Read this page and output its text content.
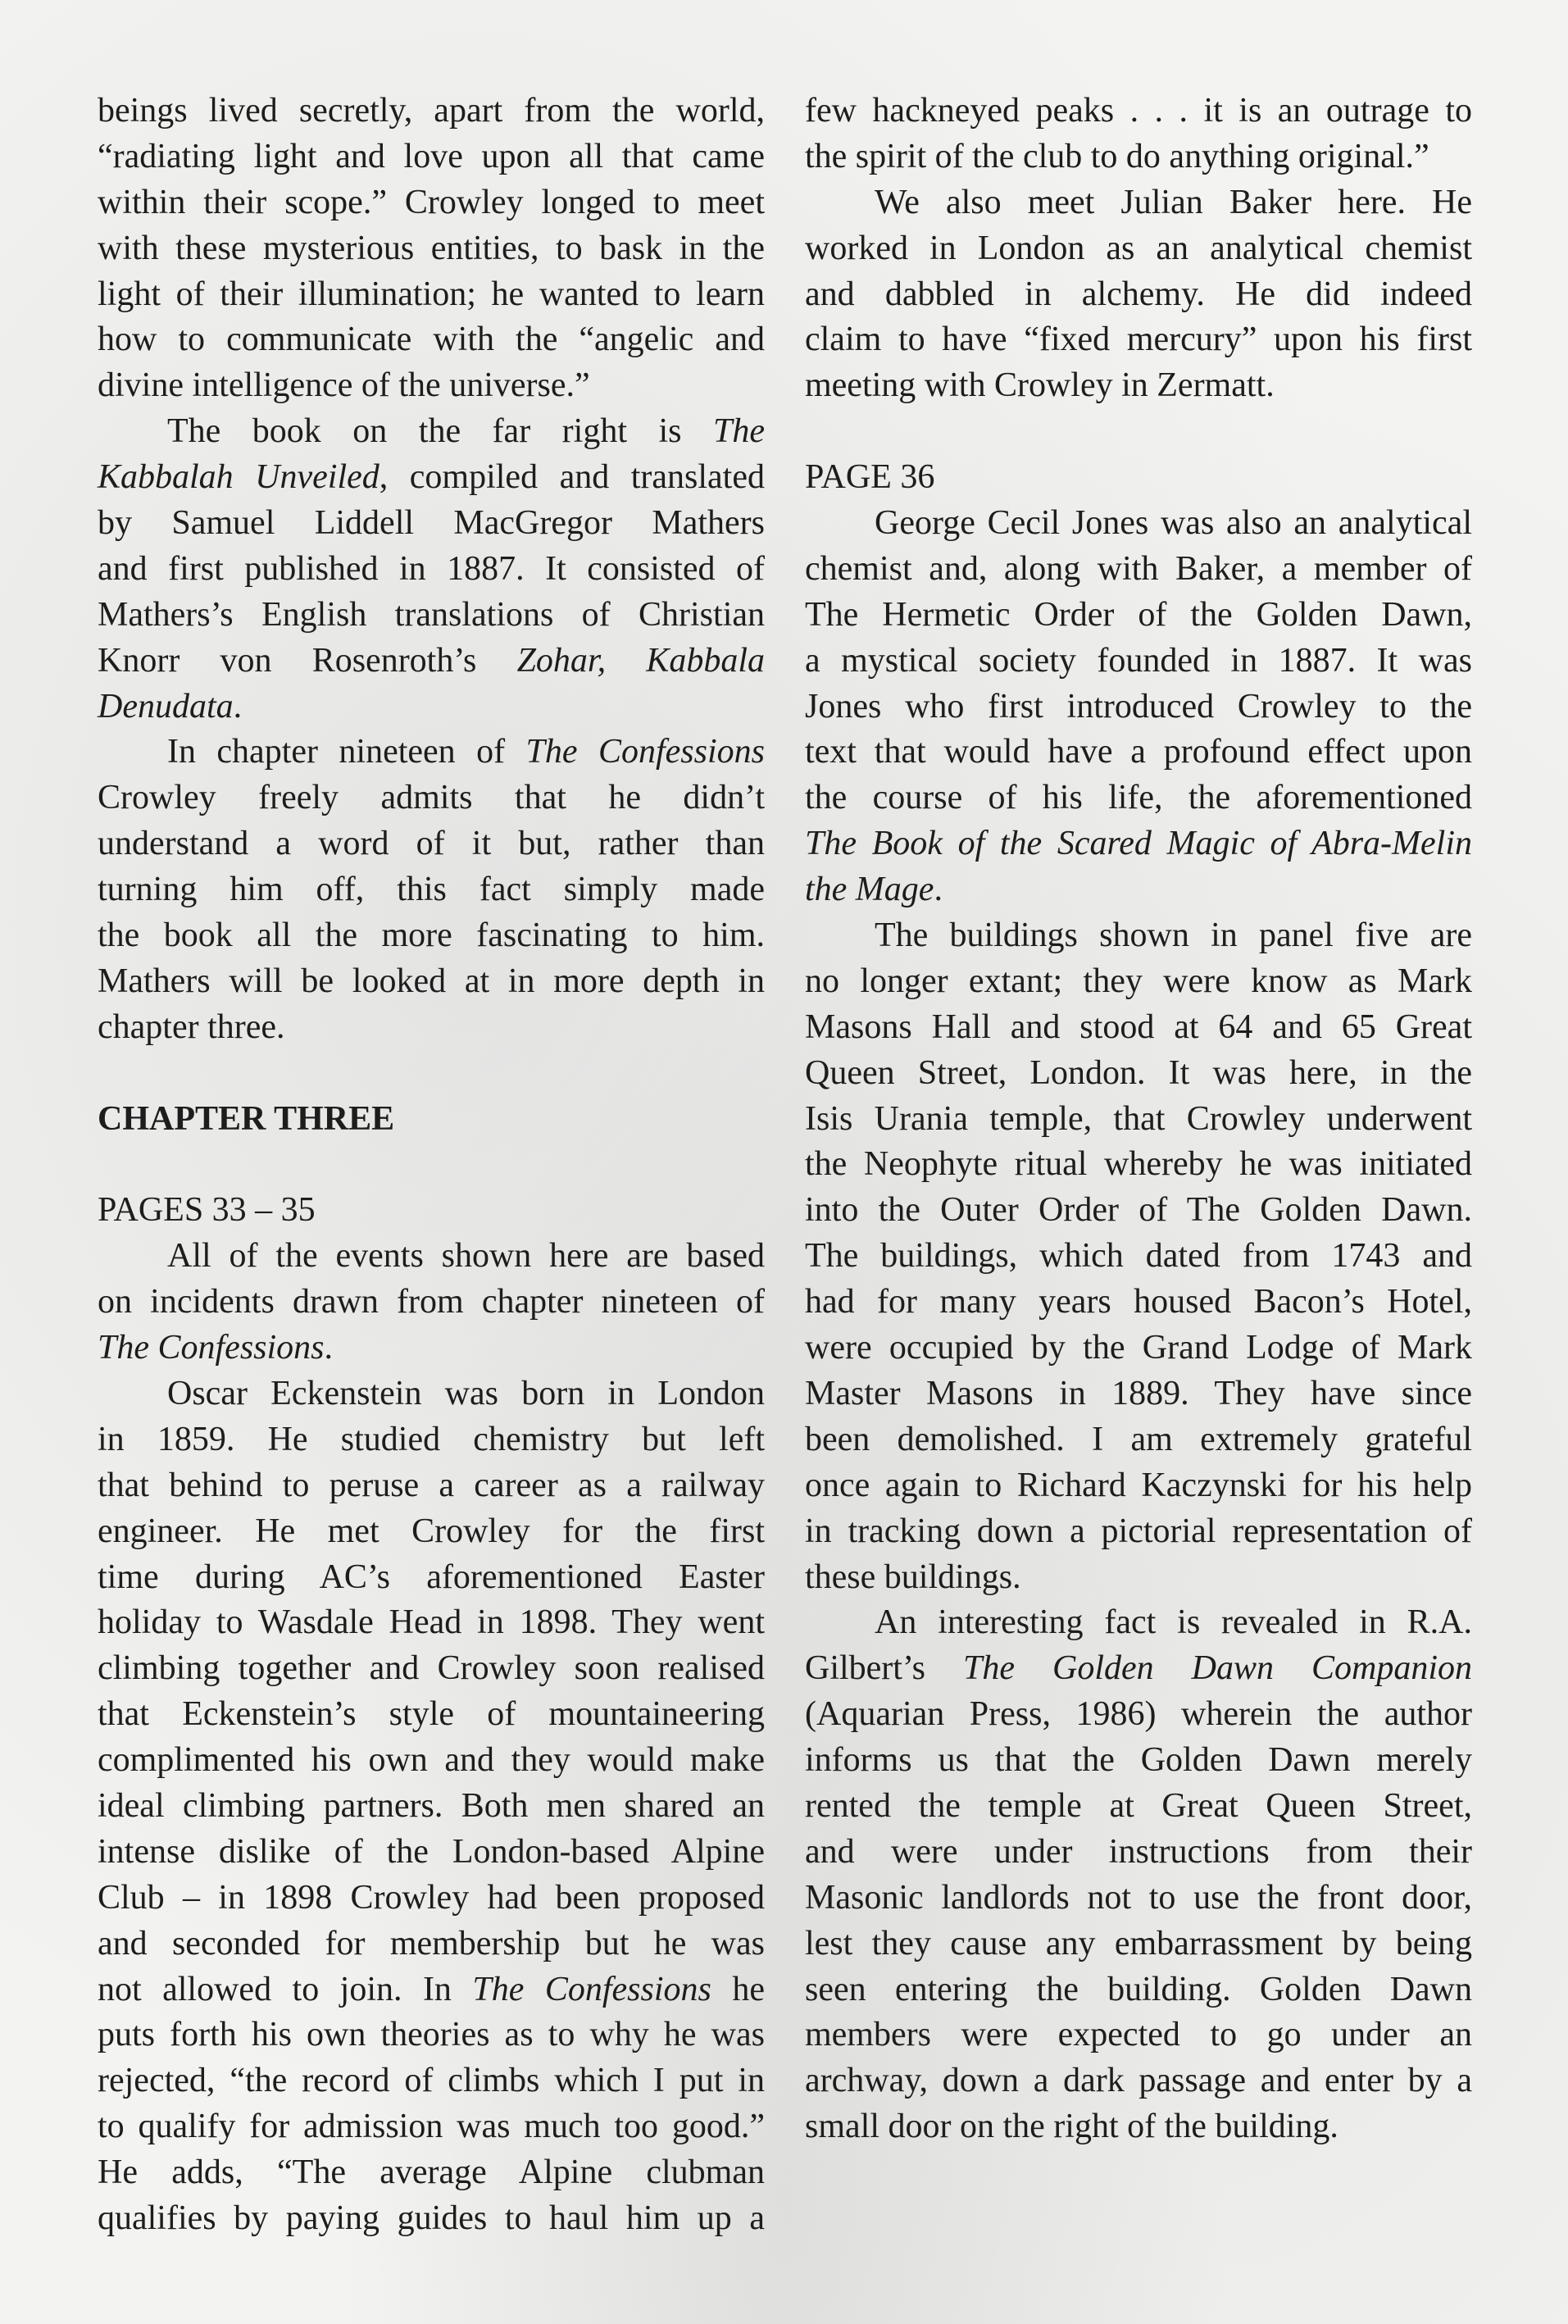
beings lived secretly, apart from the world,
“radiating light and love upon all that came
within their scope.” Crowley longed to meet
with these mysterious entities, to bask in the
light of their illumination; he wanted to learn
how to communicate with the “angelic and
divine intelligence of the universe.”
The book on the far right is The
Kabbalah Unveiled, compiled and translated
by Samuel Liddell MacGregor Mathers
and first published in 1887. It consisted of
Mathers’s English translations of Christian
Knorr von Rosenroth’s Zohar, Kabbala
Denudata.
In chapter nineteen of The Confessions
Crowley freely admits that he didn’t
understand a word of it but, rather than
turning him off, this fact simply made
the book all the more fascinating to him.
Mathers will be looked at in more depth in
chapter three.
CHAPTER THREE
PAGES 33 – 35
All of the events shown here are based
on incidents drawn from chapter nineteen of
The Confessions.
Oscar Eckenstein was born in London
in 1859. He studied chemistry but left
that behind to peruse a career as a railway
engineer. He met Crowley for the first
time during AC’s aforementioned Easter
holiday to Wasdale Head in 1898. They went
climbing together and Crowley soon realised
that Eckenstein’s style of mountaineering
complimented his own and they would make
ideal climbing partners. Both men shared an
intense dislike of the London-based Alpine
Club – in 1898 Crowley had been proposed
and seconded for membership but he was
not allowed to join. In The Confessions he
puts forth his own theories as to why he was
rejected, “the record of climbs which I put in
to qualify for admission was much too good.”
He adds, “The average Alpine clubman
qualifies by paying guides to haul him up a
few hackneyed peaks . . . it is an outrage to
the spirit of the club to do anything original.”
We also meet Julian Baker here. He
worked in London as an analytical chemist
and dabbled in alchemy. He did indeed
claim to have “fixed mercury” upon his first
meeting with Crowley in Zermatt.
PAGE 36
George Cecil Jones was also an analytical
chemist and, along with Baker, a member of
The Hermetic Order of the Golden Dawn,
a mystical society founded in 1887. It was
Jones who first introduced Crowley to the
text that would have a profound effect upon
the course of his life, the aforementioned
The Book of the Scared Magic of Abra-Melin
the Mage.
The buildings shown in panel five are
no longer extant; they were know as Mark
Masons Hall and stood at 64 and 65 Great
Queen Street, London. It was here, in the
Isis Urania temple, that Crowley underwent
the Neophyte ritual whereby he was initiated
into the Outer Order of The Golden Dawn.
The buildings, which dated from 1743 and
had for many years housed Bacon’s Hotel,
were occupied by the Grand Lodge of Mark
Master Masons in 1889. They have since
been demolished. I am extremely grateful
once again to Richard Kaczynski for his help
in tracking down a pictorial representation of
these buildings.
An interesting fact is revealed in R.A.
Gilbert’s The Golden Dawn Companion
(Aquarian Press, 1986) wherein the author
informs us that the Golden Dawn merely
rented the temple at Great Queen Street,
and were under instructions from their
Masonic landlords not to use the front door,
lest they cause any embarrassment by being
seen entering the building. Golden Dawn
members were expected to go under an
archway, down a dark passage and enter by a
small door on the right of the building.
